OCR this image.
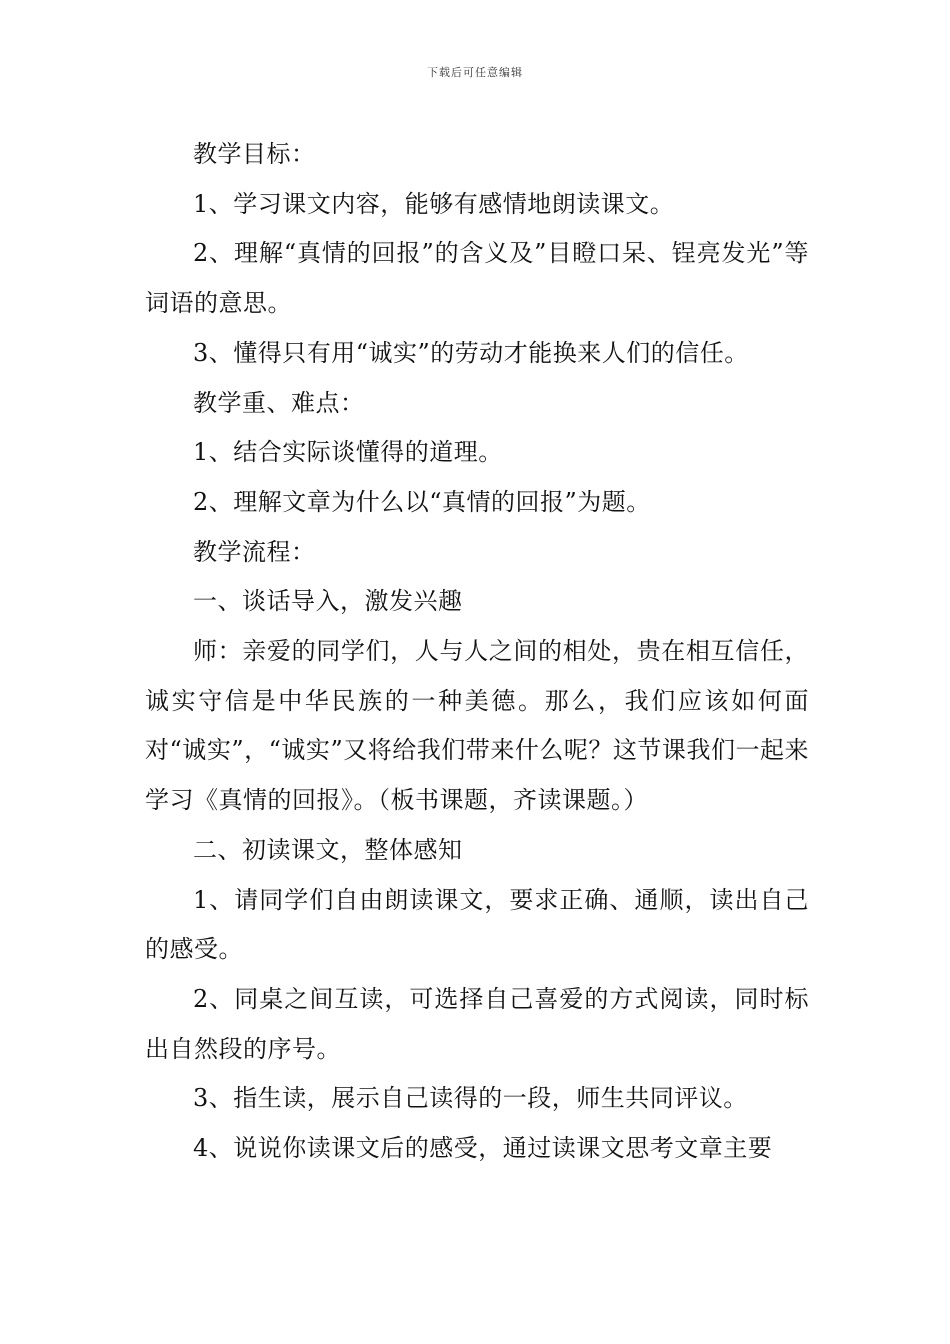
下载后可任意编辑

教学目标：

1、学习课文内容，能够有感情地朗读课文。

2、理解“真情的回报”的含义及”目瞪口呆、锃亮发光”等词语的意思。

3、懂得只有用“诚实”的劳动才能换来人们的信任。

教学重、难点：

1、结合实际谈懂得的道理。

2、理解文章为什么以“真情的回报”为题。

教学流程：

一、谈话导入，激发兴趣

师：亲爱的同学们，人与人之间的相处，贵在相互信任，诚实守信是中华民族的一种美德。那么，我们应该如何面对“诚实”，“诚实”又将给我们带来什么呢？这节课我们一起来学习《真情的回报》。（板书课题，齐读课题。）

二、初读课文，整体感知

1、请同学们自由朗读课文，要求正确、通顺，读出自己的感受。

2、同桌之间互读，可选择自己喜爱的方式阅读，同时标出自然段的序号。

3、指生读，展示自己读得的一段，师生共同评议。

4、说说你读课文后的感受，通过读课文思考文章主要
